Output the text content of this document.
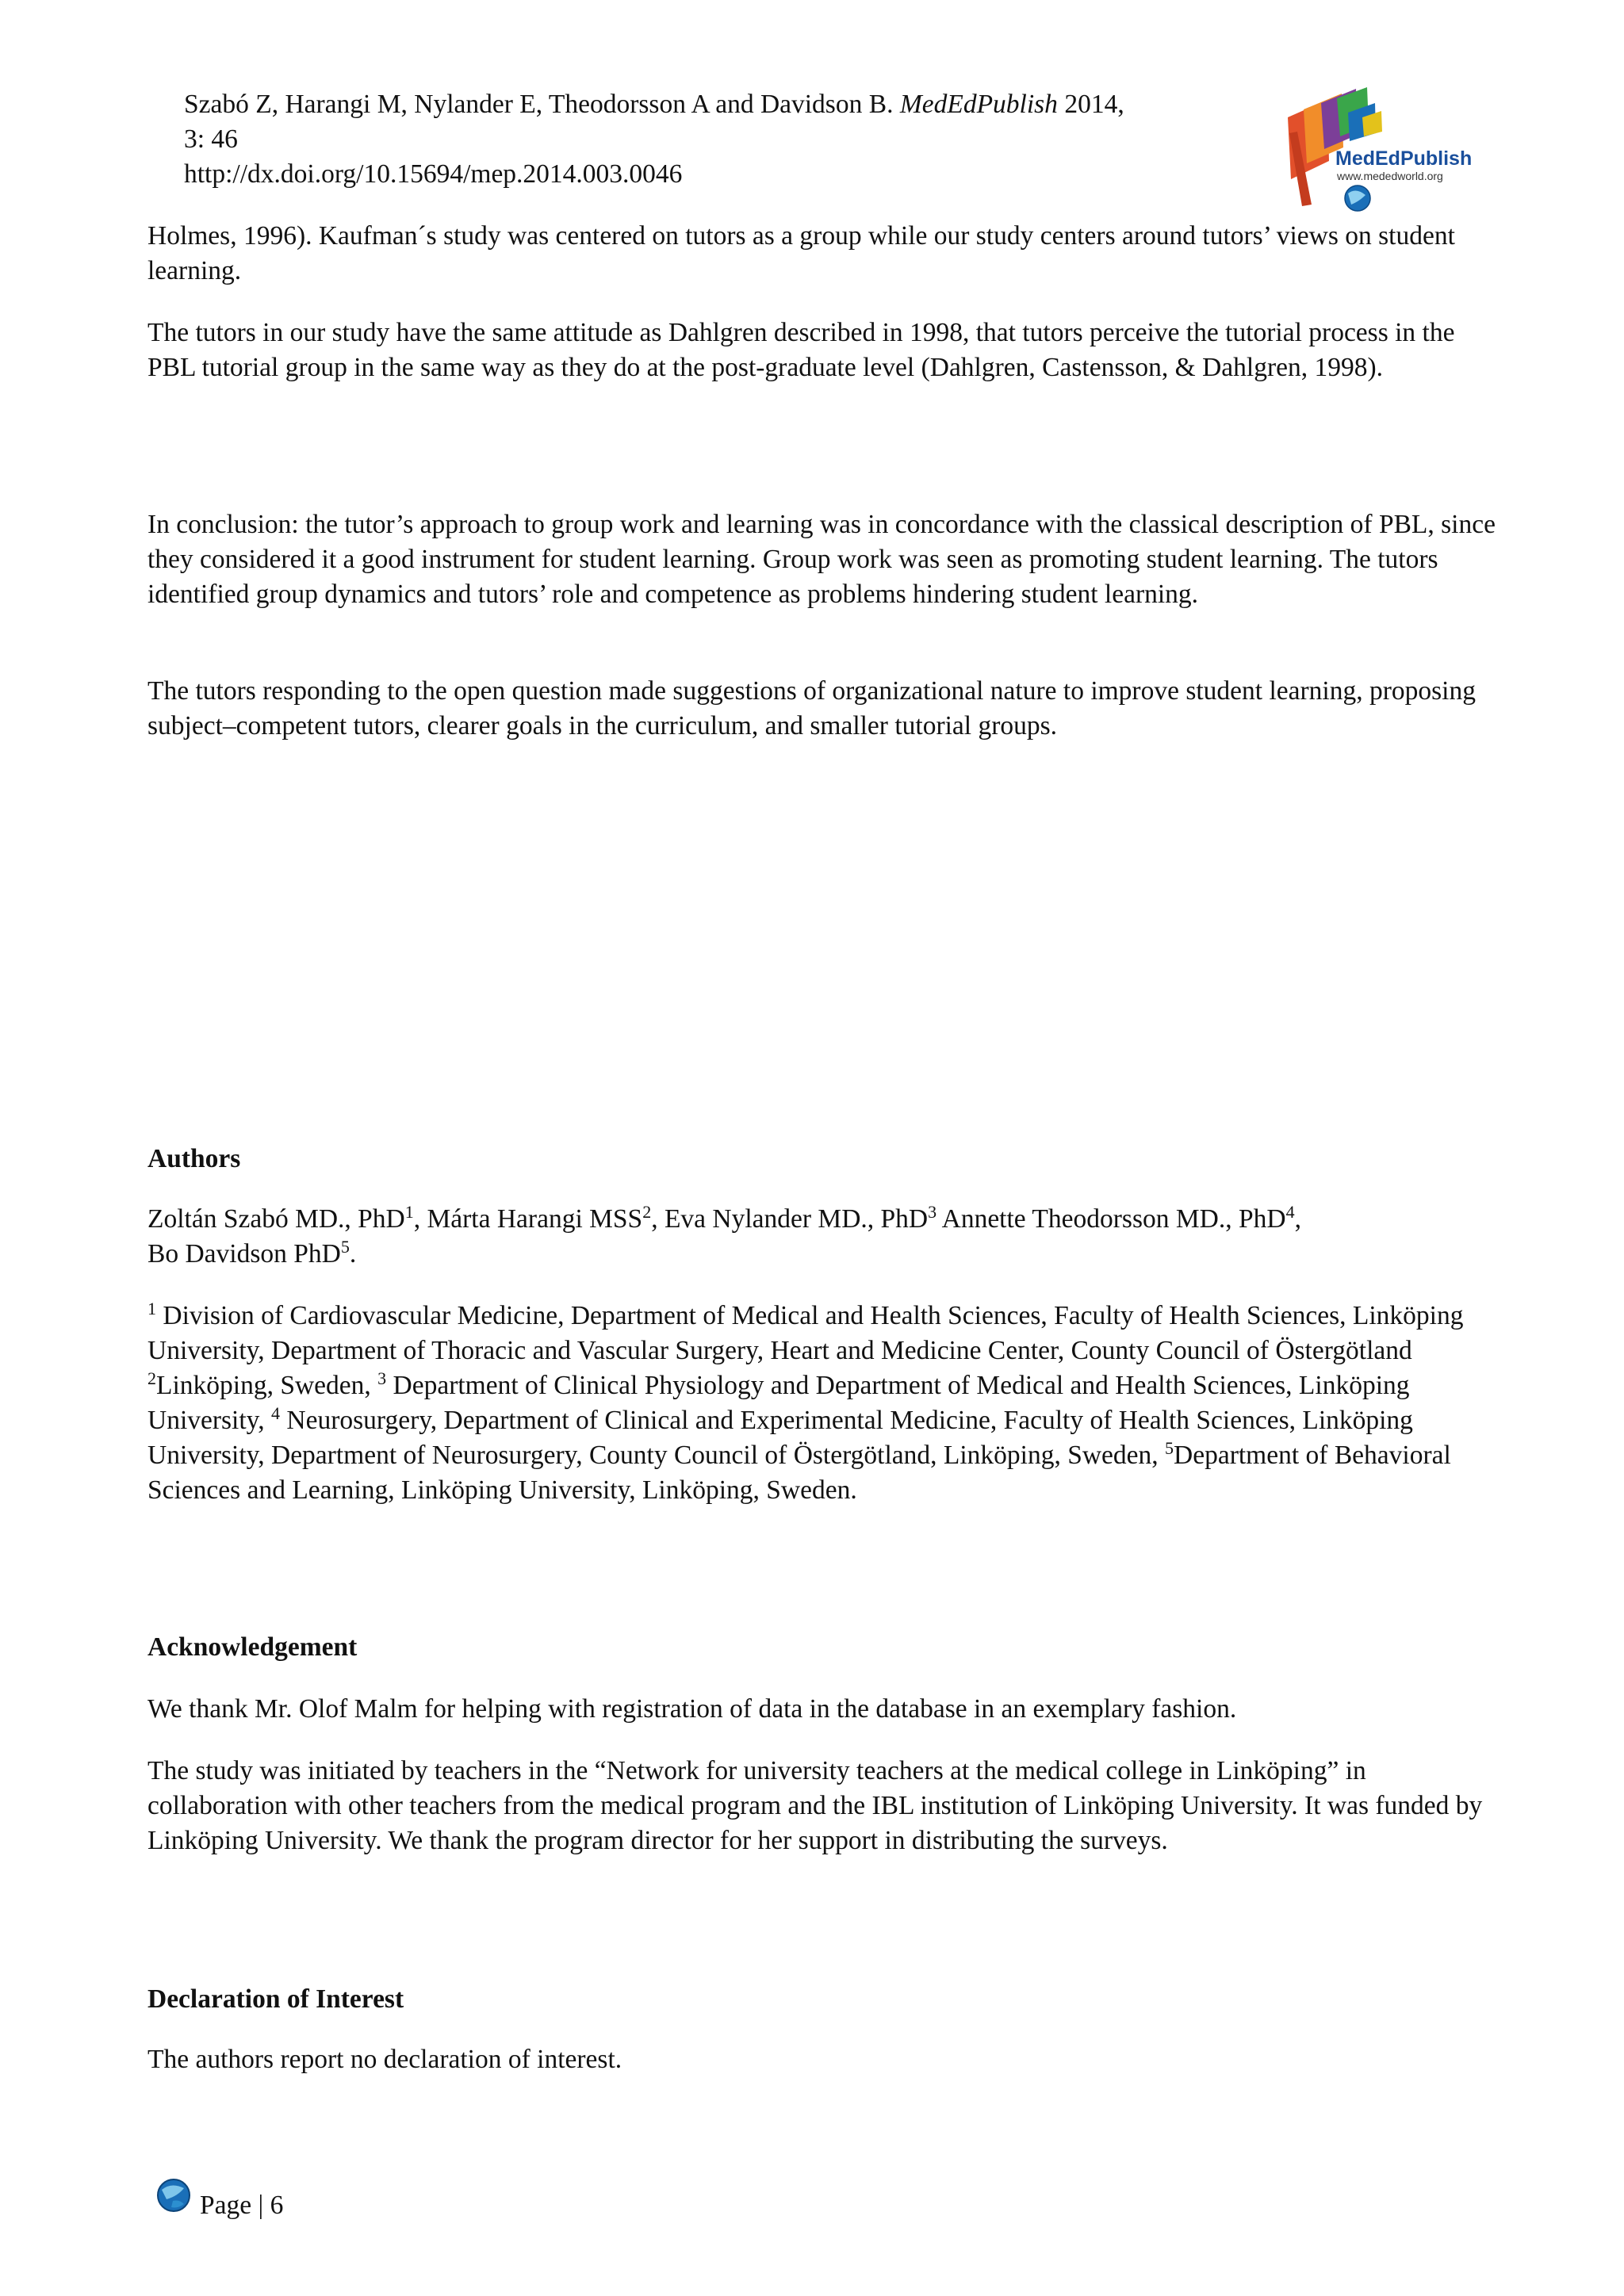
Szabó Z, Harangi M, Nylander E, Theodorsson A and Davidson B. MedEdPublish 2014,
3: 46
http://dx.doi.org/10.15694/mep.2014.003.0046
MedEdPublish
www.mededworld.org

Holmes, 1996). Kaufman´s study was centered on tutors as a group while our study centers around tutors’ views on student learning.

The tutors in our study have the same attitude as Dahlgren described in 1998, that tutors perceive the tutorial process in the PBL tutorial group in the same way as they do at the post-graduate level (Dahlgren, Castensson, & Dahlgren, 1998).

In conclusion: the tutor’s approach to group work and learning was in concordance with the classical description of PBL, since they considered it a good instrument for student learning. Group work was seen as promoting student learning. The tutors identified group dynamics and tutors’ role and competence as problems hindering student learning.

The tutors responding to the open question made suggestions of organizational nature to improve student learning, proposing subject–competent tutors, clearer goals in the curriculum, and smaller tutorial groups.

Authors

Zoltán Szabó MD., PhD$^1$, Márta Harangi MSS$^2$, Eva Nylander MD., PhD$^3$ Annette Theodorsson MD., PhD$^4$,
Bo Davidson PhD$^5$.

$^1$ Division of Cardiovascular Medicine, Department of Medical and Health Sciences, Faculty of Health Sciences, Linköping University, Department of Thoracic and Vascular Surgery, Heart and Medicine Center, County Council of Östergötland $^2$Linköping, Sweden, $^3$ Department of Clinical Physiology and Department of Medical and Health Sciences, Linköping University, $^4$ Neurosurgery, Department of Clinical and Experimental Medicine, Faculty of Health Sciences, Linköping University, Department of Neurosurgery, County Council of Östergötland, Linköping, Sweden, $^5$Department of Behavioral Sciences and Learning, Linköping University, Linköping, Sweden.

Acknowledgement

We thank Mr. Olof Malm for helping with registration of data in the database in an exemplary fashion.

The study was initiated by teachers in the “Network for university teachers at the medical college in Linköping” in collaboration with other teachers from the medical program and the IBL institution of Linköping University. It was funded by Linköping University. We thank the program director for her support in distributing the surveys.

Declaration of Interest

The authors report no declaration of interest.

Page | 6
